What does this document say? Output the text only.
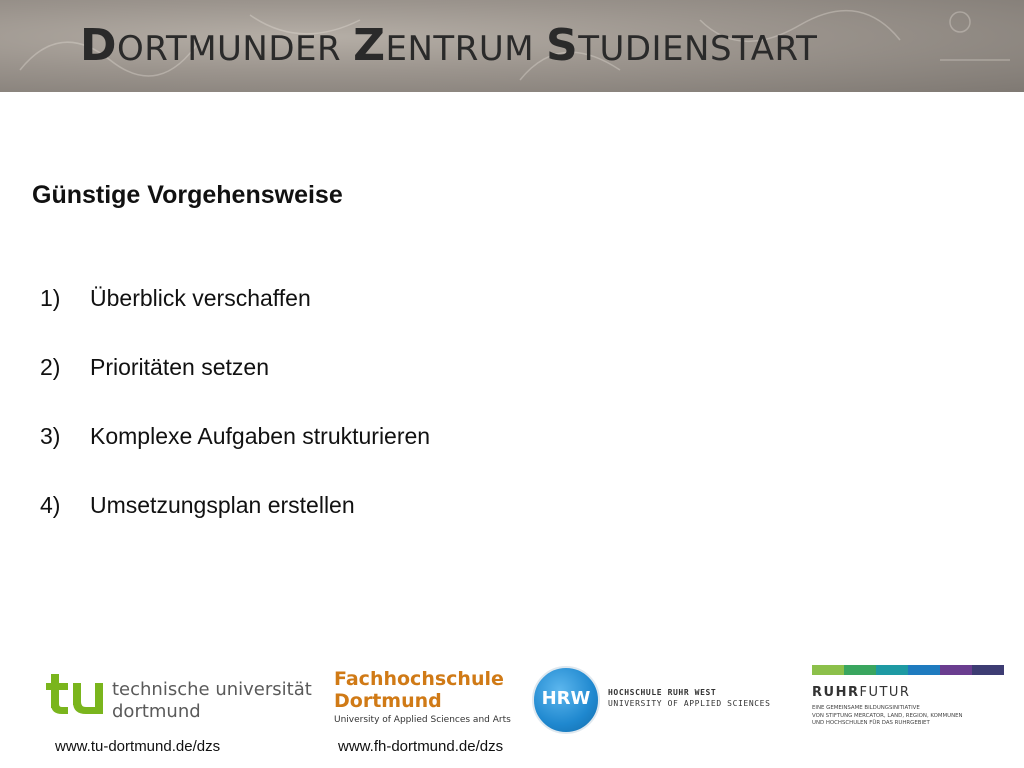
DORTMUNDER ZENTRUM STUDIENSTART
Günstige Vorgehensweise
1)	Überblick verschaffen
2)	Prioritäten setzen
3)	Komplexe Aufgaben strukturieren
4)	Umsetzungsplan erstellen
technische universität
dortmund
Fachhochschule
Dortmund
University of Applied Sciences and Arts
HRW	HOCHSCHULE RUHR WEST
UNIVERSITY OF APPLIED SCIENCES
RUHRFUTUR
EINE GEMEINSAME BILDUNGSINITIATIVE
VON STIFTUNG MERCATOR, LAND, REGION, KOMMUNEN
UND HOCHSCHULEN FÜR DAS RUHRGEBIET
www.tu-dortmund.de/dzs	www.fh-dortmund.de/dzs
